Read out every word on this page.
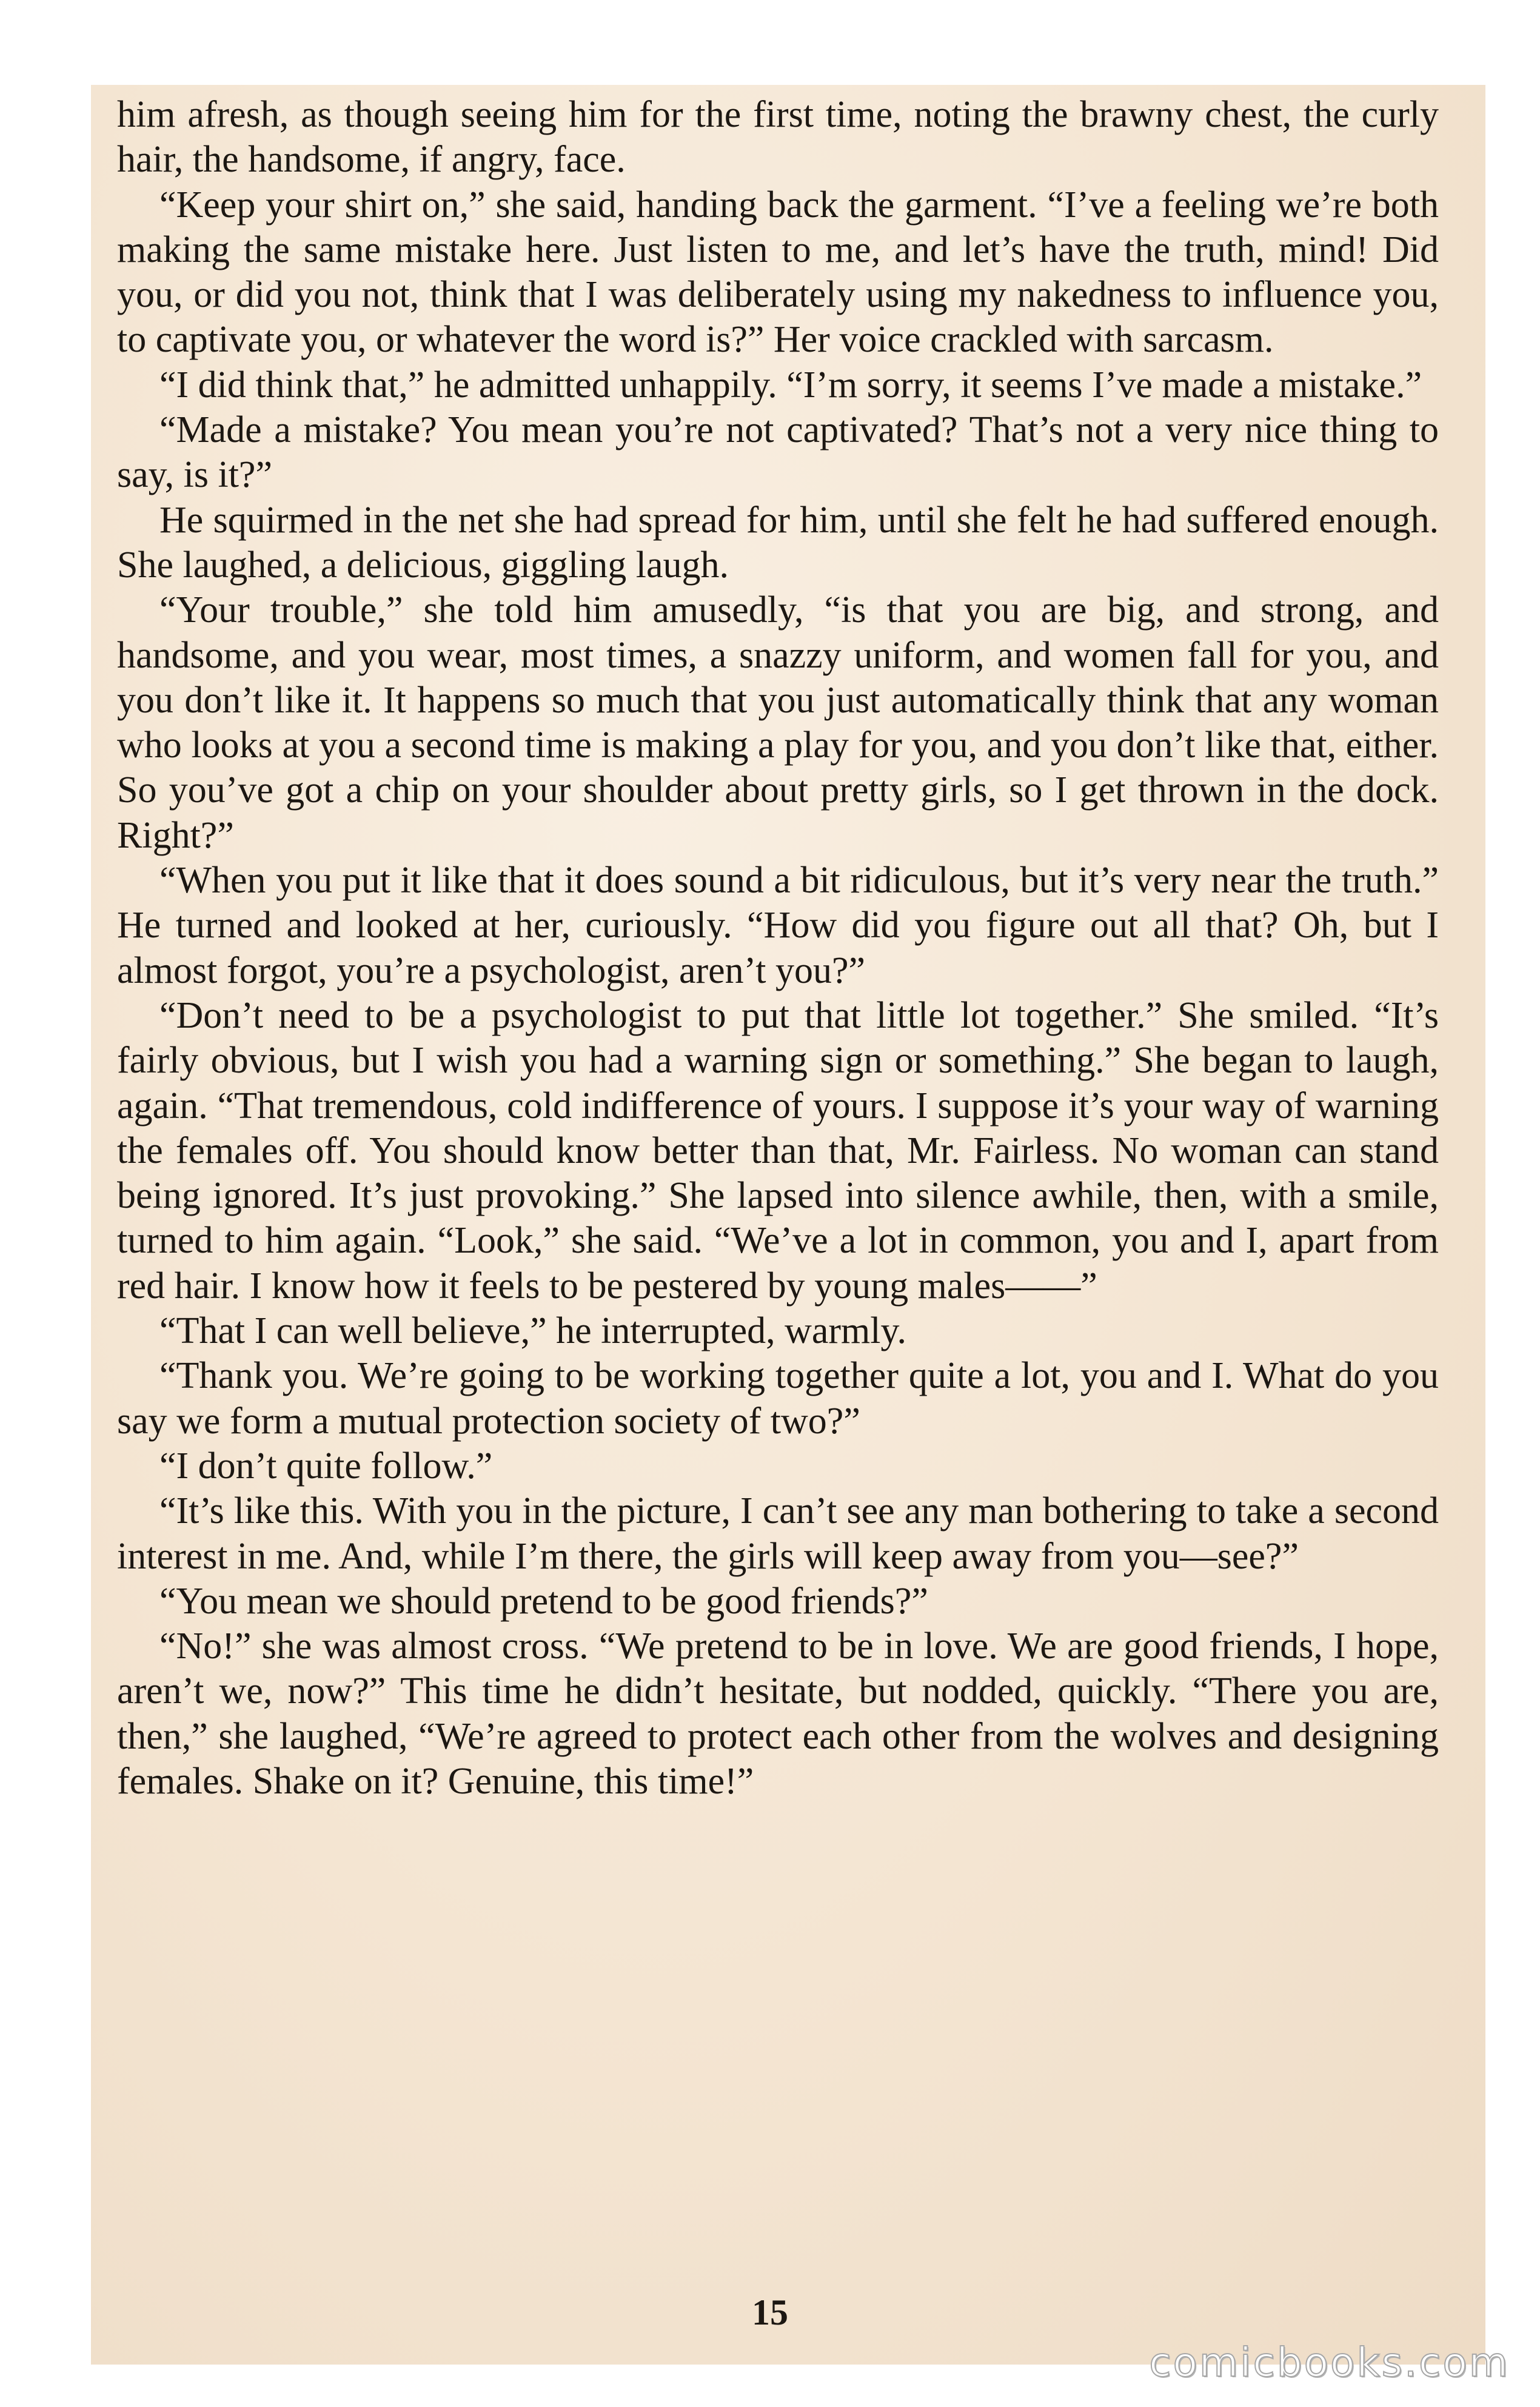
him afresh, as though seeing him for the first time, noting the brawny chest, the curly hair, the handsome, if angry, face.

“Keep your shirt on,” she said, handing back the garment. “I’ve a feeling we’re both making the same mistake here. Just listen to me, and let’s have the truth, mind! Did you, or did you not, think that I was deliberately using my nakedness to influence you, to captivate you, or whatever the word is?” Her voice crackled with sarcasm.

“I did think that,” he admitted unhappily. “I’m sorry, it seems I’ve made a mistake.”

“Made a mistake? You mean you’re not captivated? That’s not a very nice thing to say, is it?”

He squirmed in the net she had spread for him, until she felt he had suffered enough. She laughed, a delicious, giggling laugh.

“Your trouble,” she told him amusedly, “is that you are big, and strong, and handsome, and you wear, most times, a snazzy uniform, and women fall for you, and you don’t like it. It happens so much that you just automatically think that any woman who looks at you a second time is making a play for you, and you don’t like that, either. So you’ve got a chip on your shoulder about pretty girls, so I get thrown in the dock. Right?”

“When you put it like that it does sound a bit ridiculous, but it’s very near the truth.” He turned and looked at her, curiously. “How did you figure out all that? Oh, but I almost forgot, you’re a psychologist, aren’t you?”

“Don’t need to be a psychologist to put that little lot together.” She smiled. “It’s fairly obvious, but I wish you had a warning sign or something.” She began to laugh, again. “That tremendous, cold indifference of yours. I suppose it’s your way of warning the females off. You should know better than that, Mr. Fairless. No woman can stand being ignored. It’s just provoking.” She lapsed into silence awhile, then, with a smile, turned to him again. “Look,” she said. “We’ve a lot in common, you and I, apart from red hair. I know how it feels to be pestered by young males——”

“That I can well believe,” he interrupted, warmly.

“Thank you. We’re going to be working together quite a lot, you and I. What do you say we form a mutual protection society of two?”

“I don’t quite follow.”

“It’s like this. With you in the picture, I can’t see any man bothering to take a second interest in me. And, while I’m there, the girls will keep away from you—see?”

“You mean we should pretend to be good friends?”

“No!” she was almost cross. “We pretend to be in love. We are good friends, I hope, aren’t we, now?” This time he didn’t hesitate, but nodded, quickly. “There you are, then,” she laughed, “We’re agreed to protect each other from the wolves and designing females. Shake on it? Genuine, this time!”

15
comicbooks.com
